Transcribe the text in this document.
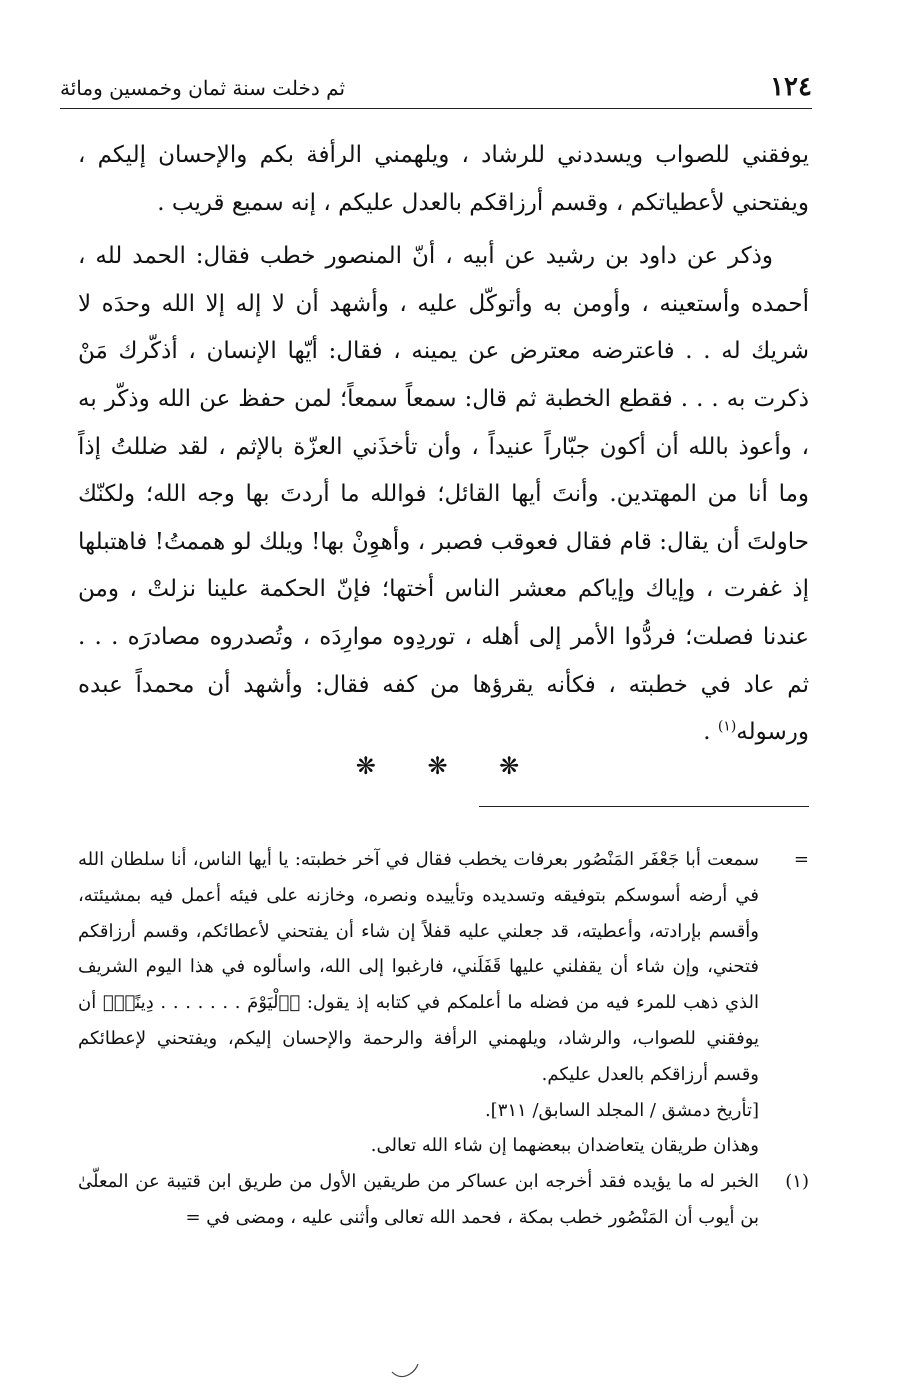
١٢٤
ثم دخلت سنة ثمان وخمسين ومائة

يوفقني للصواب ويسددني للرشاد ، ويلهمني الرأفة بكم والإحسان إليكم ، ويفتحني لأعطياتكم ، وقسم أرزاقكم بالعدل عليكم ، إنه سميع قريب .

وذكر عن داود بن رشيد عن أبيه ، أنّ المنصور خطب فقال: الحمد لله ، أحمده وأستعينه ، وأومن به وأتوكّل عليه ، وأشهد أن لا إله إلا الله وحدَه لا شريك له . . فاعترضه معترض عن يمينه ، فقال: أيّها الإنسان ، أذكّرك مَنْ ذكرت به . . . فقطع الخطبة ثم قال: سمعاً سمعاً؛ لمن حفظ عن الله وذكّر به ، وأعوذ بالله أن أكون جبّاراً عنيداً ، وأن تأخذَني العزّة بالإثم ، لقد ضللتُ إذاً وما أنا من المهتدين. وأنتَ أيها القائل؛ فوالله ما أردتَ بها وجه الله؛ ولكنّك حاولتَ أن يقال: قام فقال فعوقب فصبر ، وأهوِنْ بها! ويلك لو هممتُ! فاهتبلها إذ غفرت ، وإياك وإياكم معشر الناس أختها؛ فإنّ الحكمة علينا نزلتْ ، ومن عندنا فصلت؛ فردُّوا الأمر إلى أهله ، توردِوه موارِدَه ، وتُصدروه مصادرَه . . . ثم عاد في خطبته ، فكأنه يقرؤها من كفه فقال: وأشهد أن محمداً عبده ورسوله$^{(١)}$ .

❋ ❋ ❋

=
سمعت أبا جَعْفَر المَنْصُور بعرفات يخطب فقال في آخر خطبته: يا أيها الناس، أنا سلطان الله في أرضه أسوسكم بتوفيقه وتسديده وتأييده ونصره، وخازنه على فيئه أعمل فيه بمشيئته، وأقسم بإرادته، وأعطيته، قد جعلني عليه قفلاً إن شاء أن يفتحني لأعطائكم، وقسم أرزاقكم فتحني، وإن شاء أن يقفلني عليها قَفَلَني، فارغبوا إلى الله، واسألوه في هذا اليوم الشريف الذي ذهب للمرء فيه من فضله ما أعلمكم في كتابه إذ يقول: ﴿ٱلْيَوْمَ . . . . . . . دِينًاۚ﴾ أن يوفقني للصواب، والرشاد، ويلهمني الرأفة والرحمة والإحسان إليكم، ويفتحني لإعطائكم وقسم أرزاقكم بالعدل عليكم.

[تأريخ دمشق / المجلد السابق/ ٣١١].

وهذان طريقان يتعاضدان ببعضهما إن شاء الله تعالى.

(١)
الخبر له ما يؤيده فقد أخرجه ابن عساكر من طريقين الأول من طريق ابن قتيبة عن المعلّىٰ بن أيوب أن المَنْصُور خطب بمكة ، فحمد الله تعالى وأثنى عليه ، ومضى في =
